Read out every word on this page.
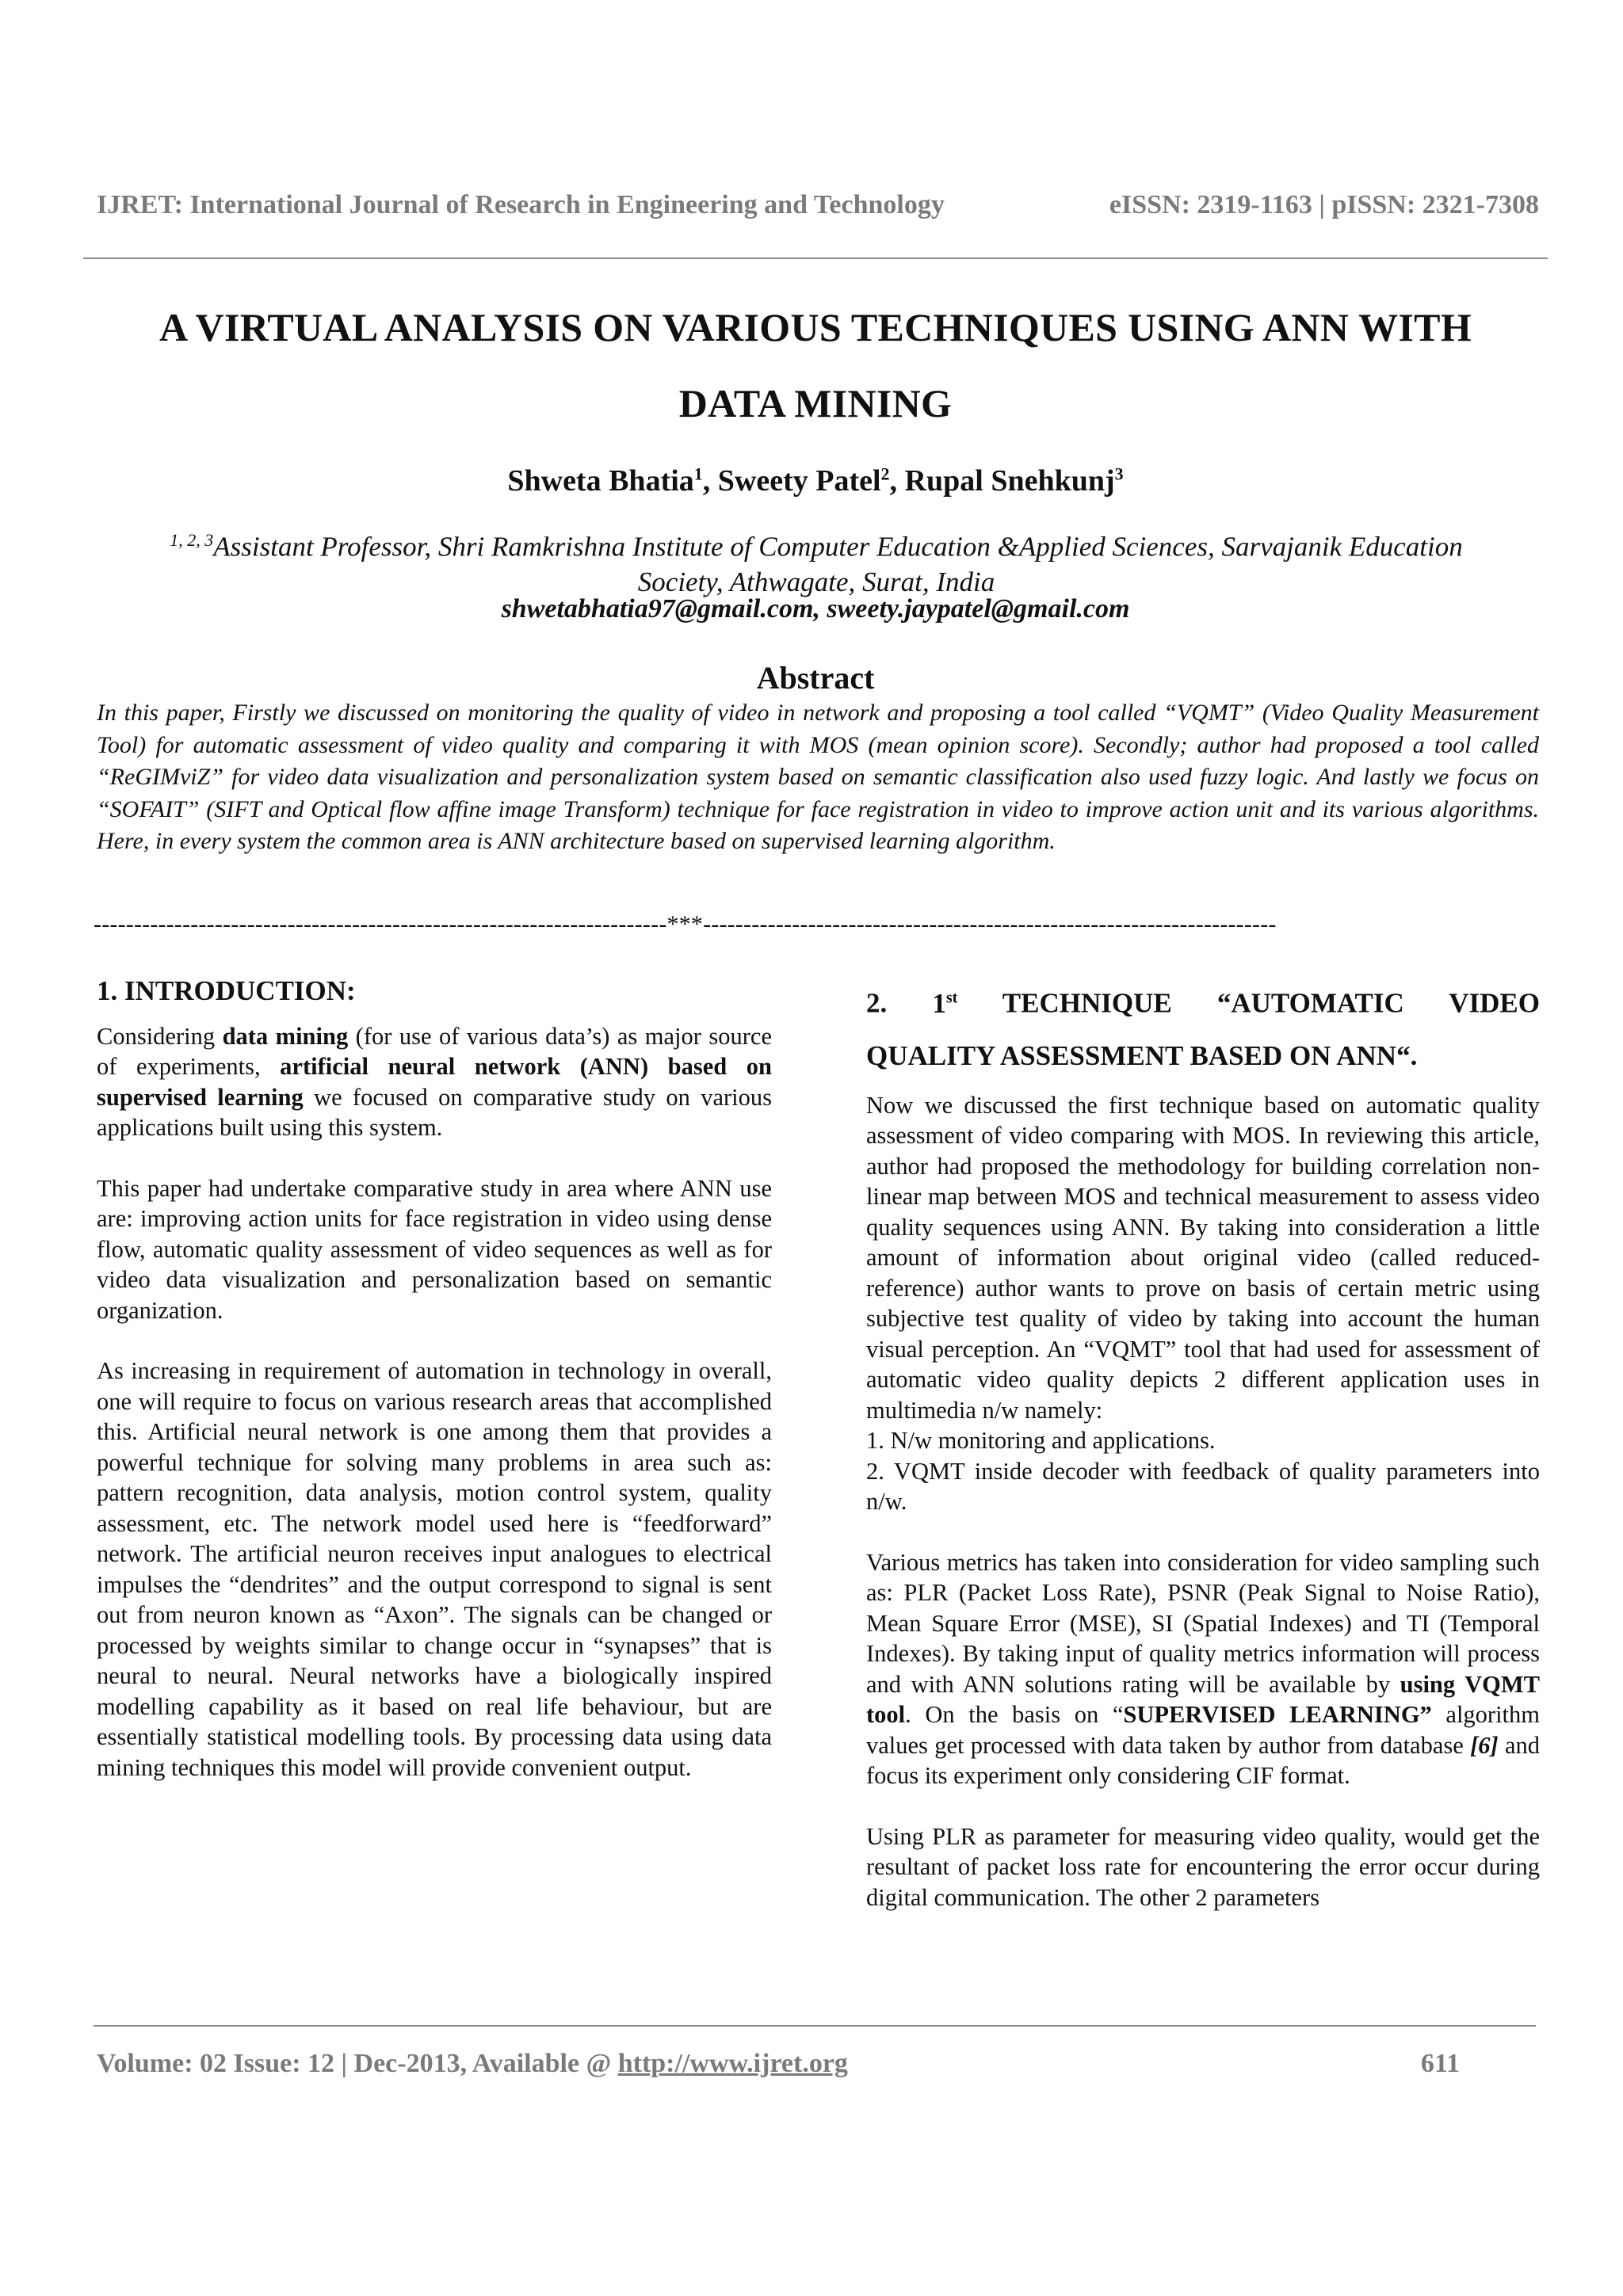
IJRET: International Journal of Research in Engineering and Technology	eISSN: 2319-1163 | pISSN: 2321-7308
A VIRTUAL ANALYSIS ON VARIOUS TECHNIQUES USING ANN WITH
DATA MINING
Shweta Bhatia$^1$, Sweety Patel$^2$, Rupal Snehkunj$^3$
$^{1, 2, 3}$Assistant Professor, Shri Ramkrishna Institute of Computer Education &Applied Sciences, Sarvajanik Education
Society, Athwagate, Surat, India
shwetabhatia97@gmail.com, sweety.jaypatel@gmail.com
Abstract
In this paper, Firstly we discussed on monitoring the quality of video in network and proposing a tool called “VQMT” (Video Quality Measurement Tool) for automatic assessment of video quality and comparing it with MOS (mean opinion score). Secondly; author had proposed a tool called “ReGIMviZ” for video data visualization and personalization system based on semantic classification also used fuzzy logic. And lastly we focus on “SOFAIT” (SIFT and Optical flow affine image Transform) technique for face registration in video to improve action unit and its various algorithms. Here, in every system the common area is ANN architecture based on supervised learning algorithm.
-----------------------------------------------------------------------***-----------------------------------------------------------------------
1. INTRODUCTION:

Considering data mining (for use of various data’s) as major source of experiments, artificial neural network (ANN) based on supervised learning we focused on comparative study on various applications built using this system.

This paper had undertake comparative study in area where ANN use are: improving action units for face registration in video using dense flow, automatic quality assessment of video sequences as well as for video data visualization and personalization based on semantic organization.

As increasing in requirement of automation in technology in overall, one will require to focus on various research areas that accomplished this. Artificial neural network is one among them that provides a powerful technique for solving many problems in area such as: pattern recognition, data analysis, motion control system, quality assessment, etc. The network model used here is “feedforward” network. The artificial neuron receives input analogues to electrical impulses the “dendrites” and the output correspond to signal is sent out from neuron known as “Axon”. The signals can be changed or processed by weights similar to change occur in “synapses” that is neural to neural. Neural networks have a biologically inspired modelling capability as it based on real life behaviour, but are essentially statistical modelling tools. By processing data using data mining techniques this model will provide convenient output.

2. 1st TECHNIQUE “AUTOMATIC VIDEO
QUALITY ASSESSMENT BASED ON ANN“.

Now we discussed the first technique based on automatic quality assessment of video comparing with MOS. In reviewing this article, author had proposed the methodology for building correlation non-linear map between MOS and technical measurement to assess video quality sequences using ANN. By taking into consideration a little amount of information about original video (called reduced-reference) author wants to prove on basis of certain metric using subjective test quality of video by taking into account the human visual perception. An “VQMT” tool that had used for assessment of automatic video quality depicts 2 different application uses in multimedia n/w namely:

1. N/w monitoring and applications.

2. VQMT inside decoder with feedback of quality parameters into n/w.

Various metrics has taken into consideration for video sampling such as: PLR (Packet Loss Rate), PSNR (Peak Signal to Noise Ratio), Mean Square Error (MSE), SI (Spatial Indexes) and TI (Temporal Indexes). By taking input of quality metrics information will process and with ANN solutions rating will be available by using VQMT tool. On the basis on “SUPERVISED LEARNING” algorithm values get processed with data taken by author from database [6] and focus its experiment only considering CIF format.

Using PLR as parameter for measuring video quality, would get the resultant of packet loss rate for encountering the error occur during digital communication. The other 2 parameters

Volume: 02 Issue: 12 | Dec-2013, Available @ http://www.ijret.org	611
